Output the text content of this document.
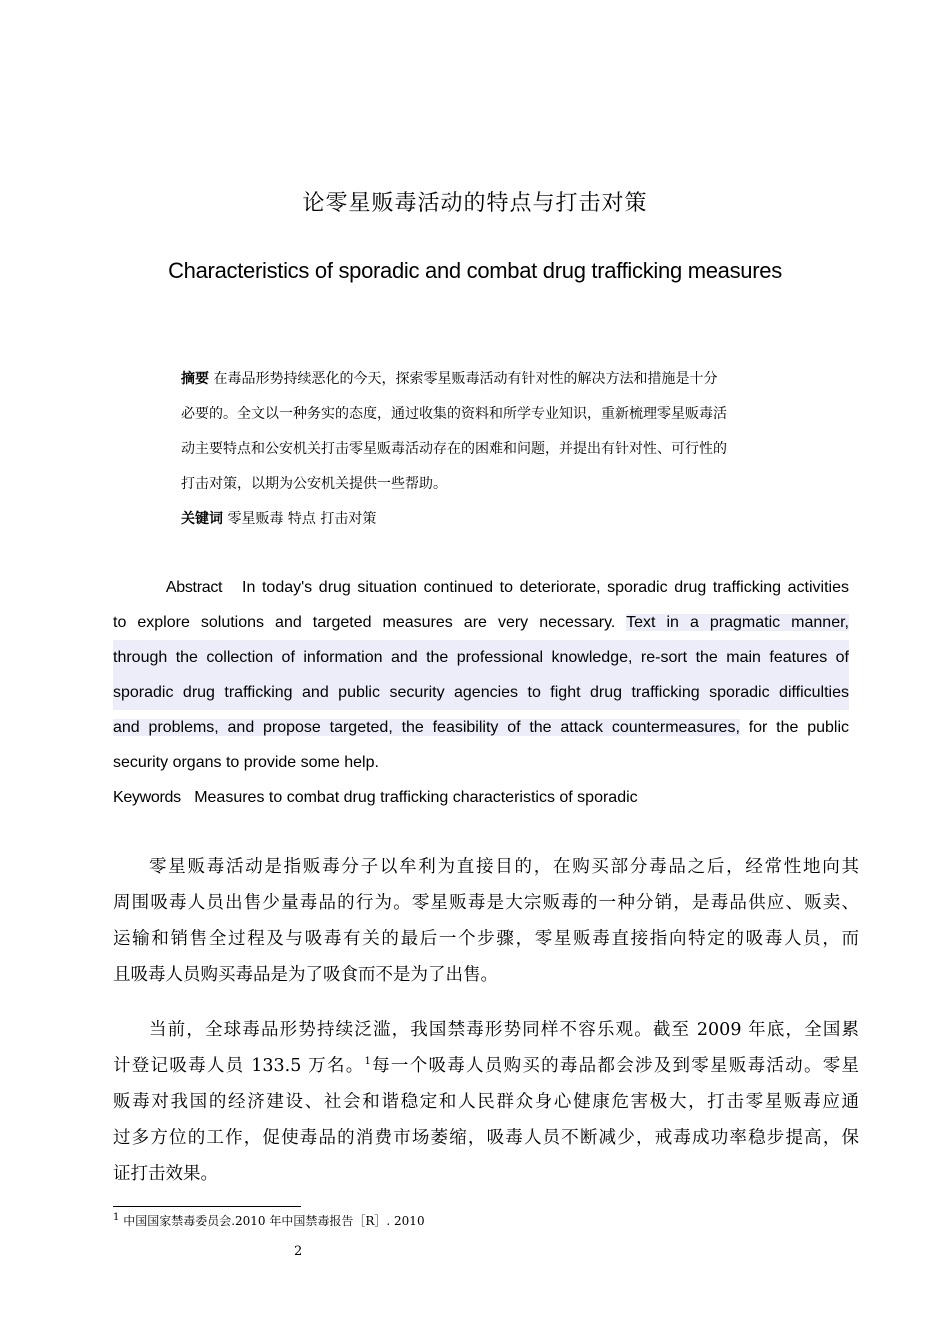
论零星贩毒活动的特点与打击对策
Characteristics of sporadic and combat drug trafficking measures
摘要 在毒品形势持续恶化的今天，探索零星贩毒活动有针对性的解决方法和措施是十分
必要的。全文以一种务实的态度，通过收集的资料和所学专业知识，重新梳理零星贩毒活
动主要特点和公安机关打击零星贩毒活动存在的困难和问题，并提出有针对性、可行性的
打击对策，以期为公安机关提供一些帮助。
关键词 零星贩毒 特点 打击对策
Abstract In today's drug situation continued to deteriorate, sporadic drug trafficking activities
to explore solutions and targeted measures are very necessary. Text in a pragmatic manner,
through the collection of information and the professional knowledge, re-sort the main features of
sporadic drug trafficking and public security agencies to fight drug trafficking sporadic difficulties
and problems, and propose targeted, the feasibility of the attack countermeasures, for the public
security organs to provide some help.
Keywords Measures to combat drug trafficking characteristics of sporadic
零星贩毒活动是指贩毒分子以牟利为直接目的，在购买部分毒品之后，经常性地向其
周围吸毒人员出售少量毒品的行为。零星贩毒是大宗贩毒的一种分销，是毒品供应、贩卖、
运输和销售全过程及与吸毒有关的最后一个步骤，零星贩毒直接指向特定的吸毒人员，而
且吸毒人员购买毒品是为了吸食而不是为了出售。
当前，全球毒品形势持续泛滥，我国禁毒形势同样不容乐观。截至 2009 年底，全国累
计登记吸毒人员 133.5 万名。$^1$每一个吸毒人员购买的毒品都会涉及到零星贩毒活动。零星
贩毒对我国的经济建设、社会和谐稳定和人民群众身心健康危害极大，打击零星贩毒应通
过多方位的工作，促使毒品的消费市场萎缩，吸毒人员不断减少，戒毒成功率稳步提高，保
证打击效果。
$^1$ 中国国家禁毒委员会.2010 年中国禁毒报告［R］. 2010
2
